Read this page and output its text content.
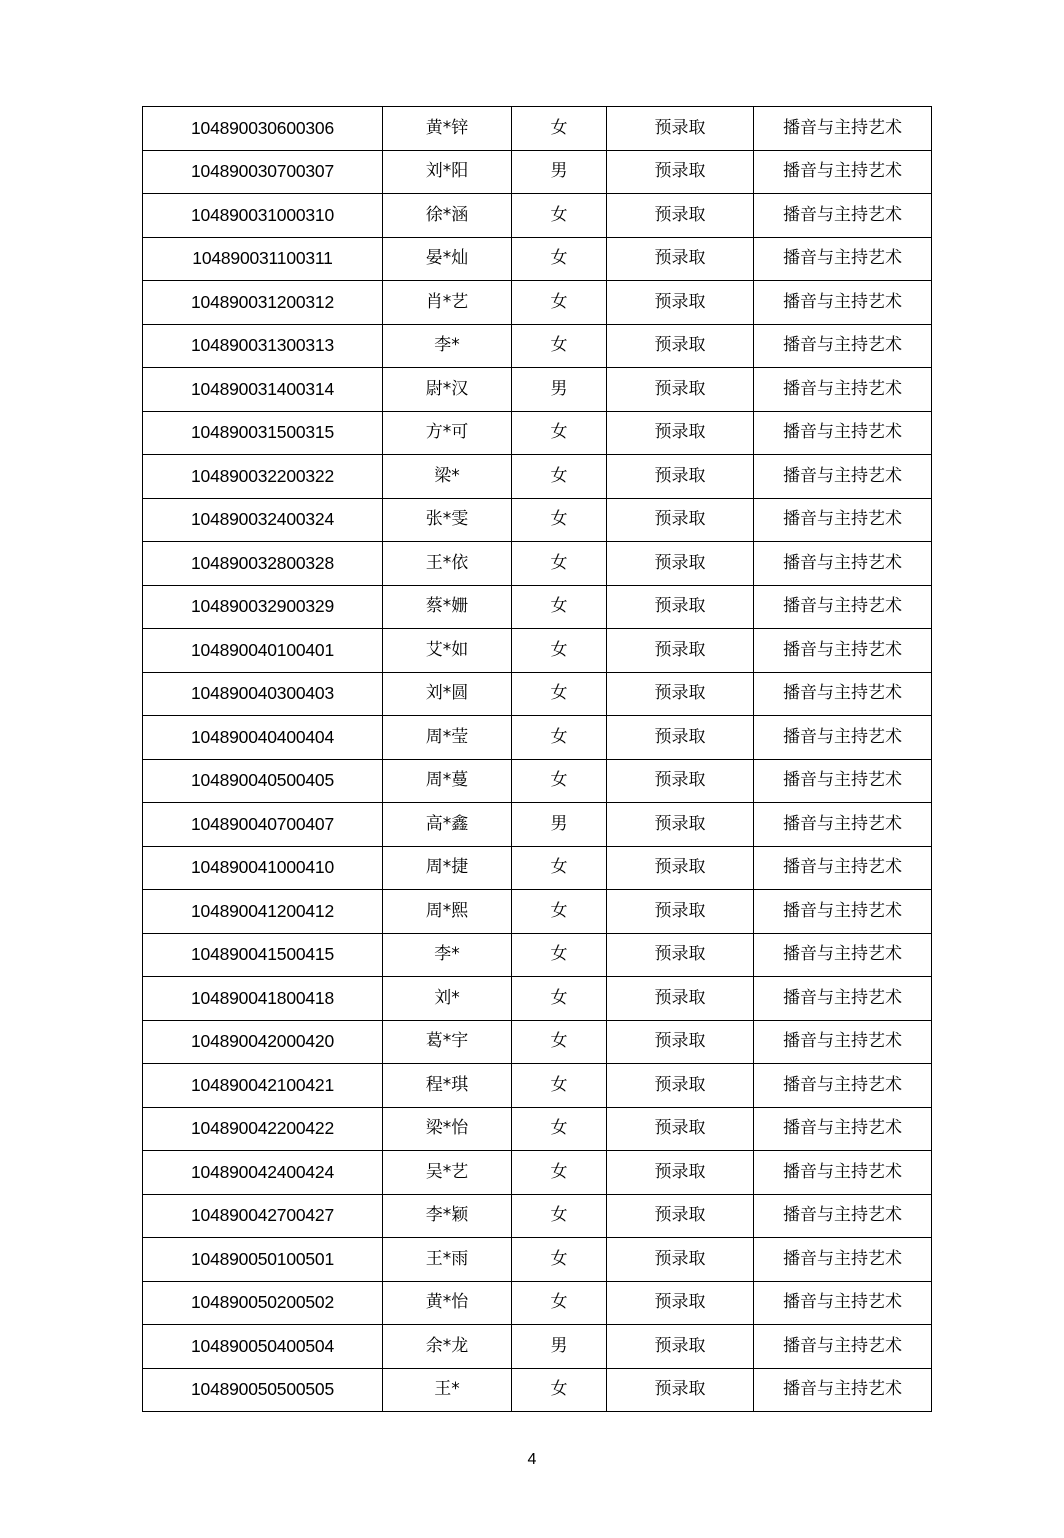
104890030600306	黄*锌	女	预录取	播音与主持艺术
104890030700307	刘*阳	男	预录取	播音与主持艺术
104890031000310	徐*涵	女	预录取	播音与主持艺术
104890031100311	晏*灿	女	预录取	播音与主持艺术
104890031200312	肖*艺	女	预录取	播音与主持艺术
104890031300313	李*	女	预录取	播音与主持艺术
104890031400314	尉*汉	男	预录取	播音与主持艺术
104890031500315	方*可	女	预录取	播音与主持艺术
104890032200322	梁*	女	预录取	播音与主持艺术
104890032400324	张*雯	女	预录取	播音与主持艺术
104890032800328	王*依	女	预录取	播音与主持艺术
104890032900329	蔡*姗	女	预录取	播音与主持艺术
104890040100401	艾*如	女	预录取	播音与主持艺术
104890040300403	刘*圆	女	预录取	播音与主持艺术
104890040400404	周*莹	女	预录取	播音与主持艺术
104890040500405	周*蔓	女	预录取	播音与主持艺术
104890040700407	高*鑫	男	预录取	播音与主持艺术
104890041000410	周*捷	女	预录取	播音与主持艺术
104890041200412	周*熙	女	预录取	播音与主持艺术
104890041500415	李*	女	预录取	播音与主持艺术
104890041800418	刘*	女	预录取	播音与主持艺术
104890042000420	葛*宇	女	预录取	播音与主持艺术
104890042100421	程*琪	女	预录取	播音与主持艺术
104890042200422	梁*怡	女	预录取	播音与主持艺术
104890042400424	吴*艺	女	预录取	播音与主持艺术
104890042700427	李*颖	女	预录取	播音与主持艺术
104890050100501	王*雨	女	预录取	播音与主持艺术
104890050200502	黄*怡	女	预录取	播音与主持艺术
104890050400504	余*龙	男	预录取	播音与主持艺术
104890050500505	王*	女	预录取	播音与主持艺术
4
